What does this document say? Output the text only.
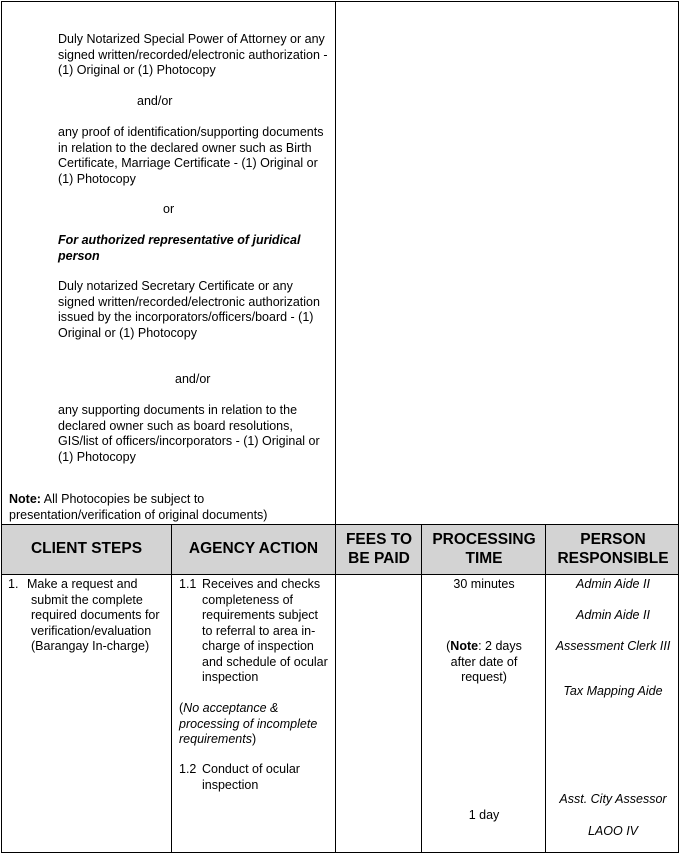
Duly Notarized Special Power of Attorney or any signed written/recorded/electronic authorization - (1) Original or (1) Photocopy

and/or

any proof of identification/supporting documents in relation to the declared owner such as Birth Certificate, Marriage Certificate - (1) Original or (1) Photocopy

or

For authorized representative of juridical person

Duly notarized Secretary Certificate or any signed written/recorded/electronic authorization issued by the incorporators/officers/board - (1) Original or (1) Photocopy

and/or

any supporting documents in relation to the declared owner such as board resolutions, GIS/list of officers/incorporators - (1) Original or (1) Photocopy

Note: All Photocopies be subject to presentation/verification of original documents)

CLIENT STEPS	AGENCY ACTION
FEES TO BE PAID
PROCESSING TIME
PERSON RESPONSIBLE
1. Make a request and submit the complete required documents for verification/evaluation (Barangay In-charge)

1.1 Receives and checks completeness of requirements subject to referral to area in-charge of inspection and schedule of ocular inspection

(No acceptance & processing of incomplete requirements)

1.2 Conduct of ocular inspection

30 minutes

(Note: 2 days after date of request)

1 day

Admin Aide II

Admin Aide II

Assessment Clerk III

Tax Mapping Aide

Asst. City Assessor

LAOO IV
